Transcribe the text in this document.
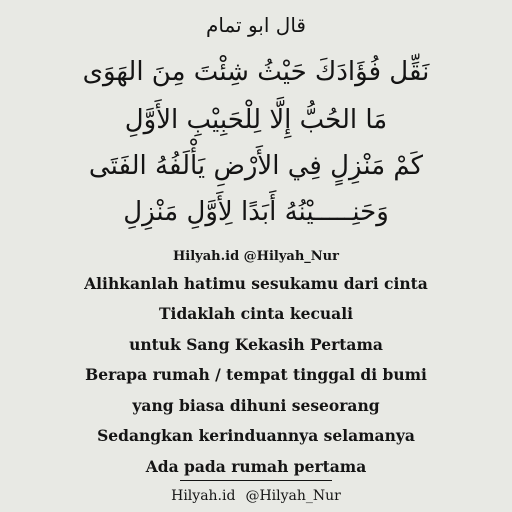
قال ابو تمام
نَقِّل فُؤَادَكَ حَيْثُ شِئْتَ مِنَ الهَوَى
مَا الحُبُّ إِلَّا لِلْحَبِيْبِ الأَوَّلِ
كَمْ مَنْزِلٍ فِي الأَرْضِ يَأْلَفُهُ الفَتَى
وَحَنِـــــيْنُهُ أَبَدًا لِأَوَّلِ مَنْزِلِ
Hilyah.id @Hilyah_Nur
Alihkanlah hatimu sesukamu dari cinta
Tidaklah cinta kecuali
untuk Sang Kekasih Pertama
Berapa rumah / tempat tinggal di bumi
yang biasa dihuni seseorang
Sedangkan kerinduannya selamanya
Ada pada rumah pertama
Hilyah.id @Hilyah_Nur
